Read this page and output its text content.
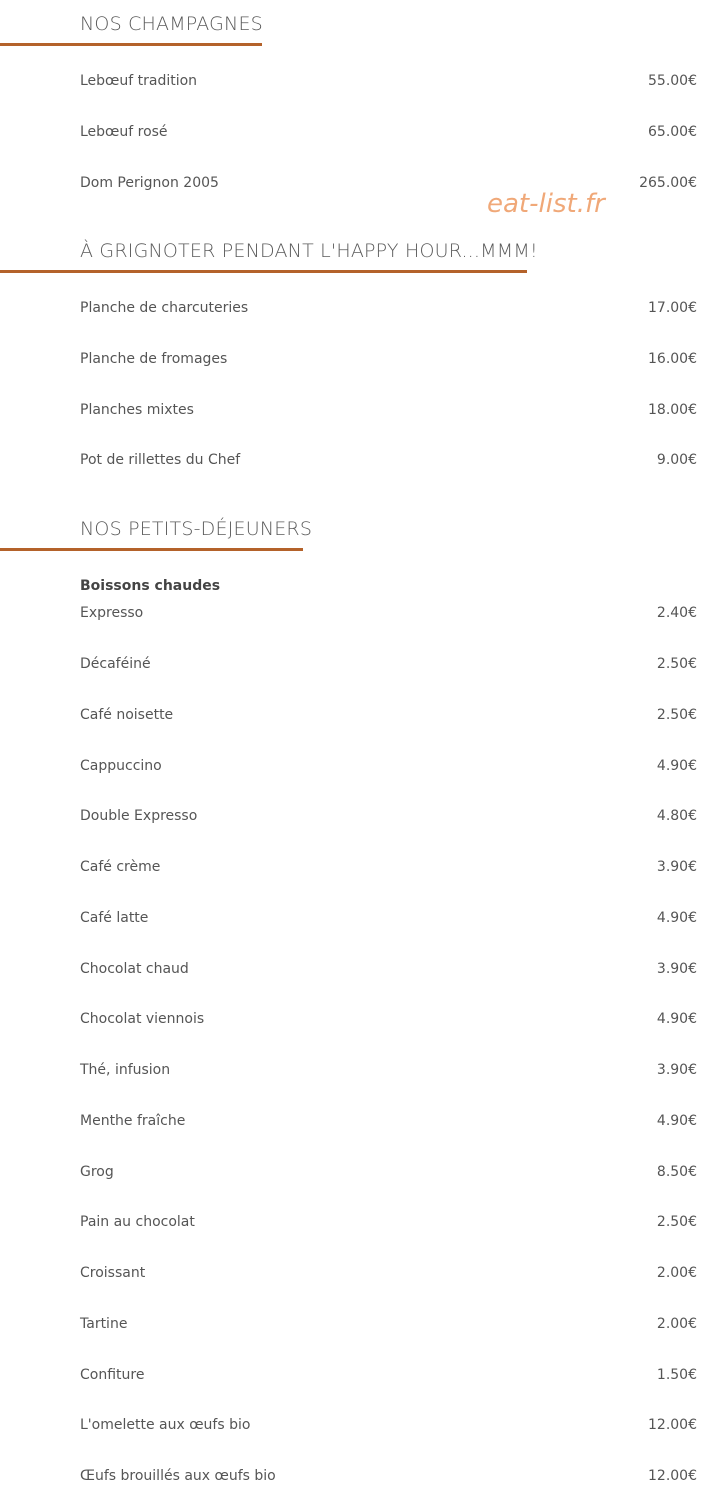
NOS CHAMPAGNES
Lebœuf tradition	55.00€
Lebœuf rosé	65.00€
Dom Perignon 2005	265.00€
eat-list.fr
À GRIGNOTER PENDANT L'HAPPY HOUR...MMM!
Planche de charcuteries	17.00€
Planche de fromages	16.00€
Planches mixtes	18.00€
Pot de rillettes du Chef	9.00€
NOS PETITS-DÉJEUNERS
Boissons chaudes
Expresso	2.40€
Décaféiné	2.50€
Café noisette	2.50€
Cappuccino	4.90€
Double Expresso	4.80€
Café crème	3.90€
Café latte	4.90€
Chocolat chaud	3.90€
Chocolat viennois	4.90€
Thé, infusion	3.90€
Menthe fraîche	4.90€
Grog	8.50€
Pain au chocolat	2.50€
Croissant	2.00€
Tartine	2.00€
Confiture	1.50€
L'omelette aux œufs bio	12.00€
Œufs brouillés aux œufs bio	12.00€
